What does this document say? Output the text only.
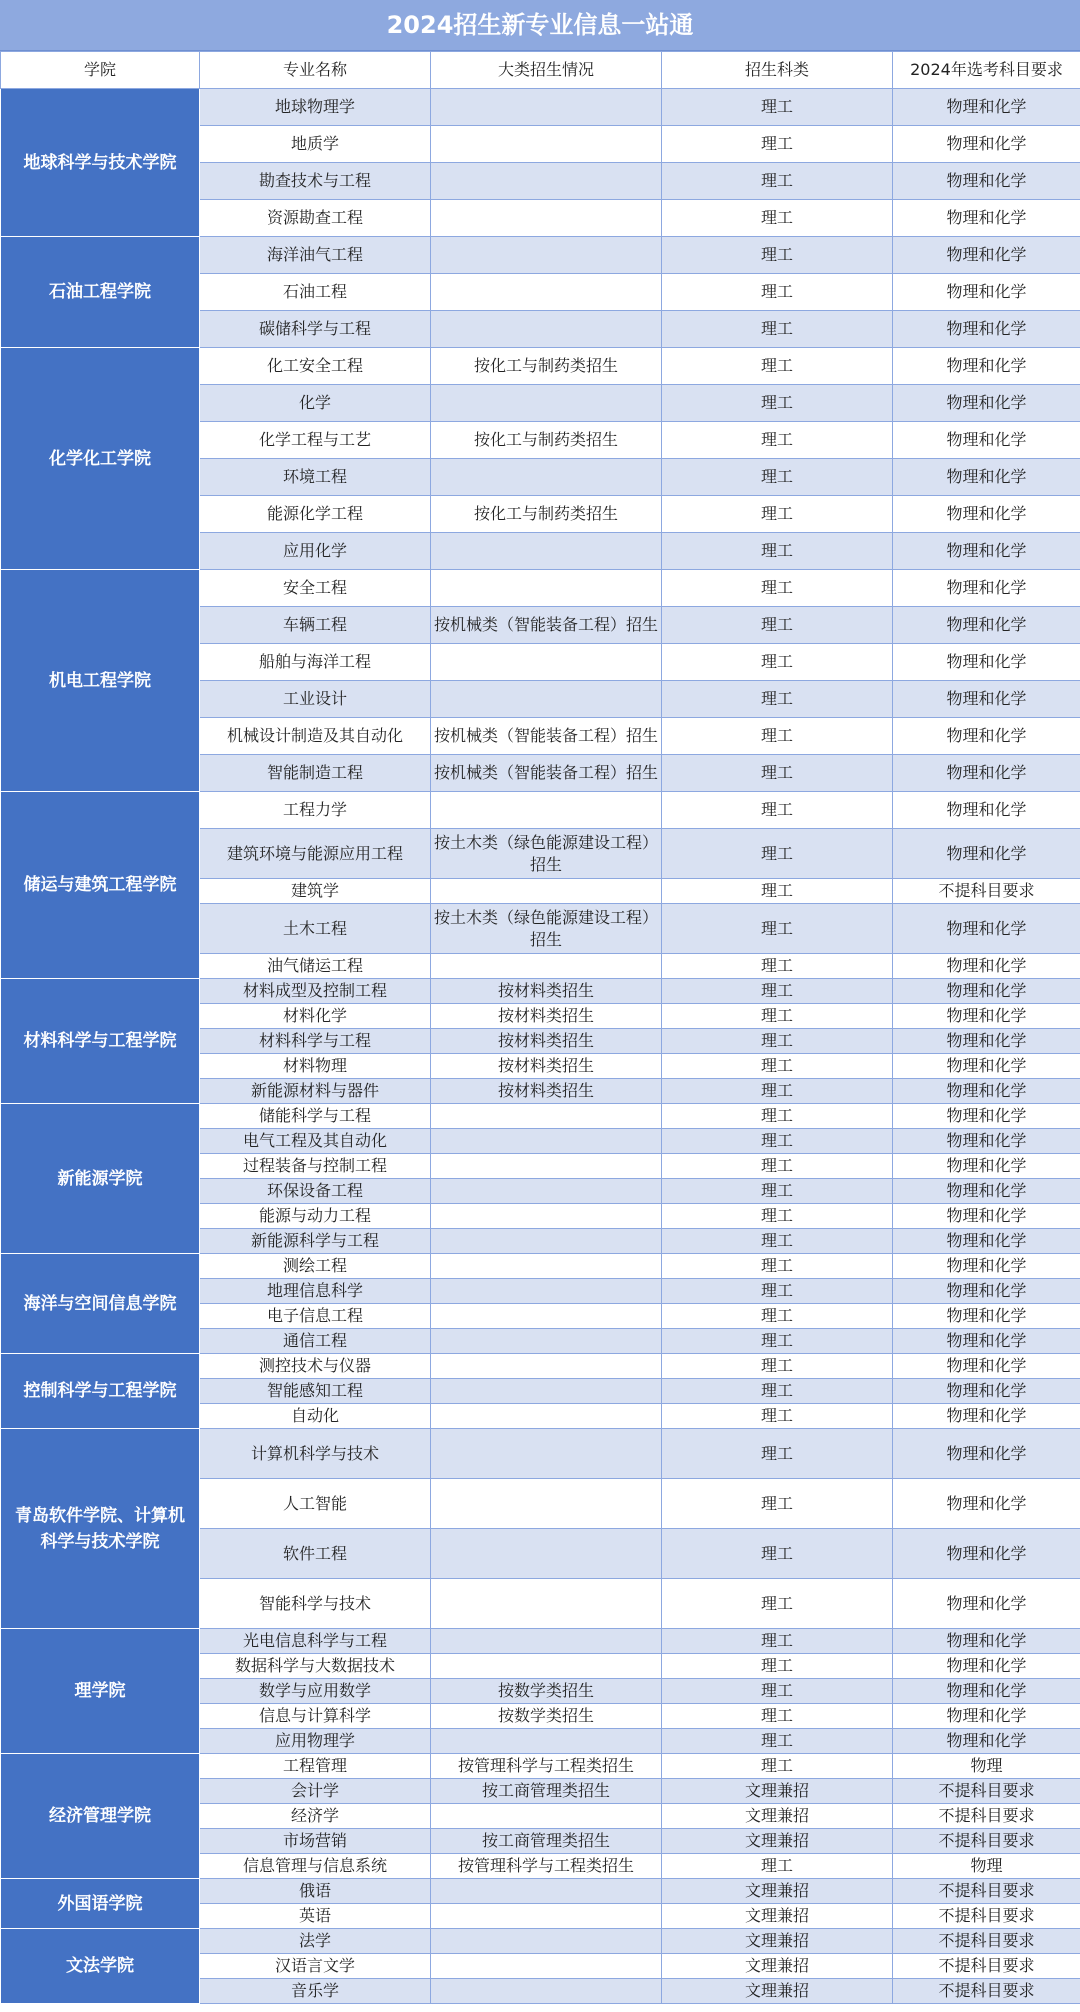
2024招生新专业信息一站通
学院	专业名称	大类招生情况	招生科类	2024年选考科目要求
地球科学与技术学院	地球物理学		理工	物理和化学
	地质学		理工	物理和化学
	勘查技术与工程		理工	物理和化学
	资源勘查工程		理工	物理和化学
石油工程学院	海洋油气工程		理工	物理和化学
	石油工程		理工	物理和化学
	碳储科学与工程		理工	物理和化学
化学化工学院	化工安全工程	按化工与制药类招生	理工	物理和化学
	化学		理工	物理和化学
	化学工程与工艺	按化工与制药类招生	理工	物理和化学
	环境工程		理工	物理和化学
	能源化学工程	按化工与制药类招生	理工	物理和化学
	应用化学		理工	物理和化学
机电工程学院	安全工程		理工	物理和化学
	车辆工程	按机械类（智能装备工程）招生	理工	物理和化学
	船舶与海洋工程		理工	物理和化学
	工业设计		理工	物理和化学
	机械设计制造及其自动化	按机械类（智能装备工程）招生	理工	物理和化学
	智能制造工程	按机械类（智能装备工程）招生	理工	物理和化学
储运与建筑工程学院	工程力学		理工	物理和化学
	建筑环境与能源应用工程	按土木类（绿色能源建设工程）招生	理工	物理和化学
	建筑学		理工	不提科目要求
	土木工程	按土木类（绿色能源建设工程）招生	理工	物理和化学
	油气储运工程		理工	物理和化学
材料科学与工程学院	材料成型及控制工程	按材料类招生	理工	物理和化学
	材料化学	按材料类招生	理工	物理和化学
	材料科学与工程	按材料类招生	理工	物理和化学
	材料物理	按材料类招生	理工	物理和化学
	新能源材料与器件	按材料类招生	理工	物理和化学
新能源学院	储能科学与工程		理工	物理和化学
	电气工程及其自动化		理工	物理和化学
	过程装备与控制工程		理工	物理和化学
	环保设备工程		理工	物理和化学
	能源与动力工程		理工	物理和化学
	新能源科学与工程		理工	物理和化学
海洋与空间信息学院	测绘工程		理工	物理和化学
	地理信息科学		理工	物理和化学
	电子信息工程		理工	物理和化学
	通信工程		理工	物理和化学
控制科学与工程学院	测控技术与仪器		理工	物理和化学
	智能感知工程		理工	物理和化学
	自动化		理工	物理和化学
青岛软件学院、计算机科学与技术学院	计算机科学与技术		理工	物理和化学
	人工智能		理工	物理和化学
	软件工程		理工	物理和化学
	智能科学与技术		理工	物理和化学
理学院	光电信息科学与工程		理工	物理和化学
	数据科学与大数据技术		理工	物理和化学
	数学与应用数学	按数学类招生	理工	物理和化学
	信息与计算科学	按数学类招生	理工	物理和化学
	应用物理学		理工	物理和化学
经济管理学院	工程管理	按管理科学与工程类招生	理工	物理
	会计学	按工商管理类招生	文理兼招	不提科目要求
	经济学		文理兼招	不提科目要求
	市场营销	按工商管理类招生	文理兼招	不提科目要求
	信息管理与信息系统	按管理科学与工程类招生	理工	物理
外国语学院	俄语		文理兼招	不提科目要求
	英语		文理兼招	不提科目要求
文法学院	法学		文理兼招	不提科目要求
	汉语言文学		文理兼招	不提科目要求
	音乐学		文理兼招	不提科目要求
